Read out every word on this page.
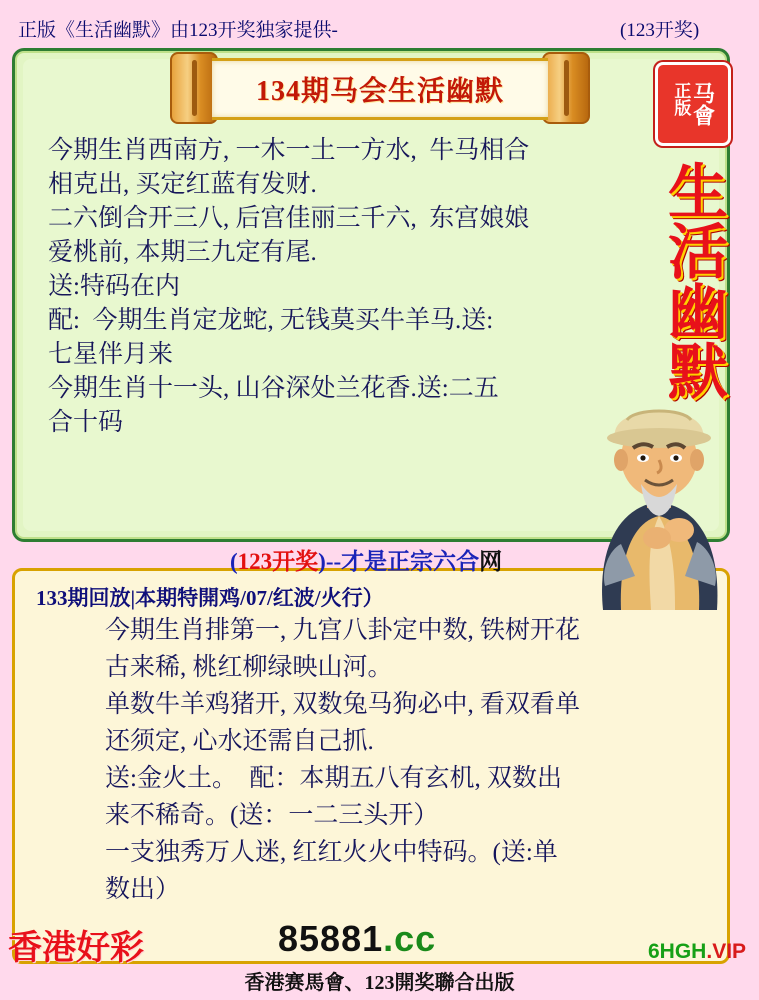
正版《生活幽默》由123开奖独家提供-	(123开奖)
134期马会生活幽默	马會
正版
生活幽默
今期生肖西南方, 一木一土一方水,  牛马相合
相克出, 买定红蓝有发财.
二六倒合开三八, 后宫佳丽三千六,  东宫娘娘
爱桃前, 本期三九定有尾.
送:特码在内
配:  今期生肖定龙蛇, 无钱莫买牛羊马.送:
七星伴月来
今期生肖十一头, 山谷深处兰花香.送:二五
合十码
(123开奖)--才是正宗六合网
133期回放|本期特開鸡/07/红波/火行）
今期生肖排第一, 九宫八卦定中数, 铁树开花
古来稀, 桃红柳绿映山河。
单数牛羊鸡猪开, 双数兔马狗必中, 看双看单
还须定, 心水还需自己抓.
送:金火土。  配：本期五八有玄机, 双数出
来不稀奇。(送：一二三头开）
一支独秀万人迷, 红红火火中特码。(送:单
数出）
香港好彩	85881.cc	6HGH.VIP
香港赛馬會、123開奖聯合出版
